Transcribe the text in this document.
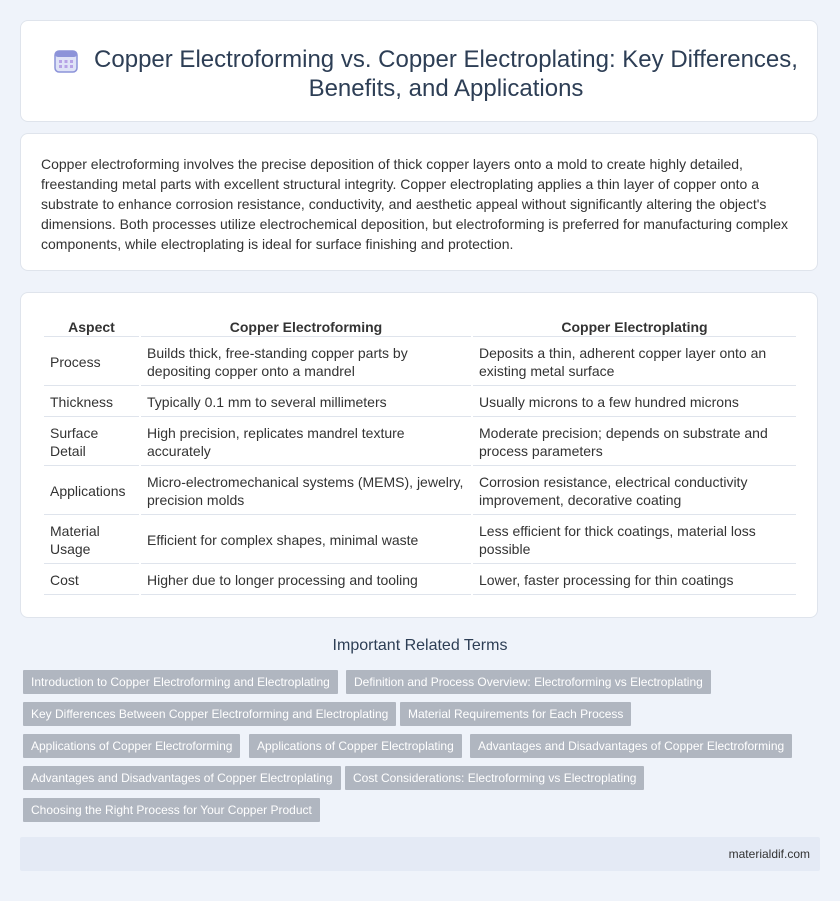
Copper Electroforming vs. Copper Electroplating: Key Differences, Benefits, and Applications

Copper electroforming involves the precise deposition of thick copper layers onto a mold to create highly detailed, freestanding metal parts with excellent structural integrity. Copper electroplating applies a thin layer of copper onto a substrate to enhance corrosion resistance, conductivity, and aesthetic appeal without significantly altering the object's dimensions. Both processes utilize electrochemical deposition, but electroforming is preferred for manufacturing complex components, while electroplating is ideal for surface finishing and protection.

Aspect	Copper Electroforming	Copper Electroplating
Process	Builds thick, free-standing copper parts by depositing copper onto a mandrel	Deposits a thin, adherent copper layer onto an existing metal surface
Thickness	Typically 0.1 mm to several millimeters	Usually microns to a few hundred microns
Surface Detail	High precision, replicates mandrel texture accurately	Moderate precision; depends on substrate and process parameters
Applications	Micro-electromechanical systems (MEMS), jewelry, precision molds	Corrosion resistance, electrical conductivity improvement, decorative coating
Material Usage	Efficient for complex shapes, minimal waste	Less efficient for thick coatings, material loss possible
Cost	Higher due to longer processing and tooling	Lower, faster processing for thin coatings
Important Related Terms
Introduction to Copper Electroforming and Electroplating	Definition and Process Overview: Electroforming vs Electroplating
Key Differences Between Copper Electroforming and Electroplating	Material Requirements for Each Process
Applications of Copper Electroforming	Applications of Copper Electroplating	Advantages and Disadvantages of Copper Electroforming
Advantages and Disadvantages of Copper Electroplating	Cost Considerations: Electroforming vs Electroplating
Choosing the Right Process for Your Copper Product
materialdif.com
